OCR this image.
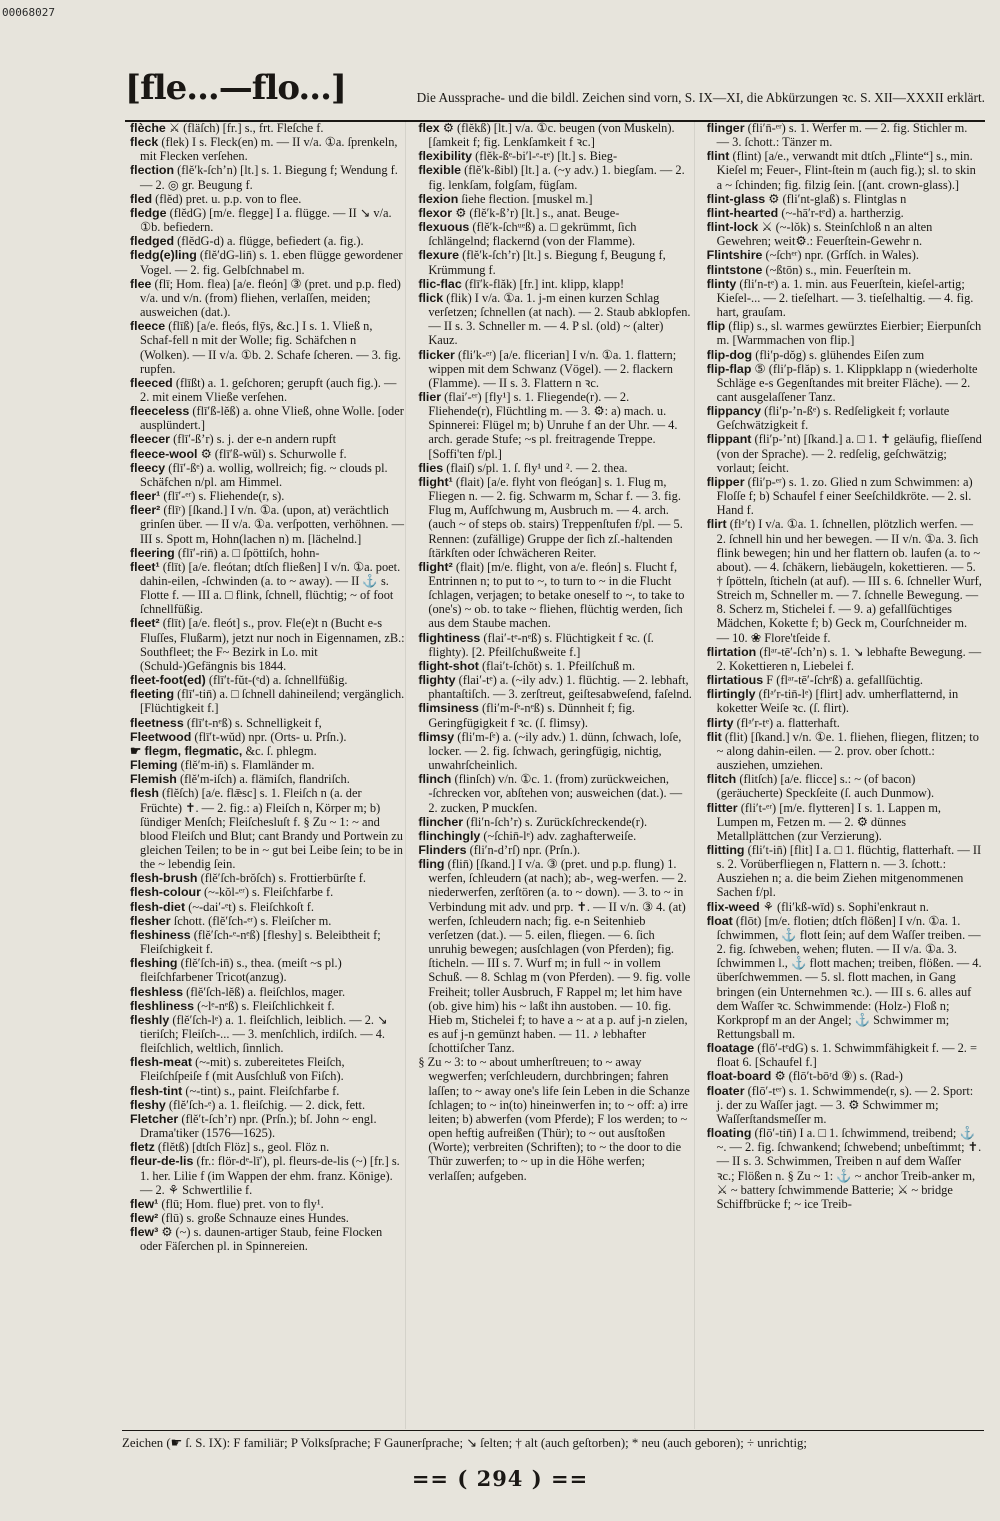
00068027
[fle...—flo...]	Die Aussprache- und die bildl. Zeichen sind vorn, S. IX—XI, die Abkürzungen ꝛc. S. XII—XXXII erklärt.

flèche ⚔ (fläſch) [fr.] s., frt. Fleſche f.

fleck (flek) I s. Fleck(en) m. — II v/a. ①a. ſprenkeln, mit Flecken verſehen.

flection (flĕ′k-ſchʼn) [lt.] s. 1. Biegung f; Wendung f. — 2. ◎ gr. Beugung f.

fled (flĕd) pret. u. p.p. von to flee.

fledge (flĕdG) [m/e. flegge] I a. flügge. — II ↘ v/a. ①b. befiedern.

fledged (flĕdG-d) a. flügge, befiedert (a. fig.).

fledg(e)ling (flĕ′dG-lin̄) s. 1. eben flügge gewordener Vogel. — 2. fig. Gelbſchnabel m.

flee (flī; Hom. flea) [a/e. fleón] ③ (pret. und p.p. fled) v/a. und v/n. (from) fliehen, verlaſſen, meiden; ausweichen (dat.).

fleece (flīß) [a/e. fleós, flȳs, &c.] I s. 1. Vließ n, Schaf-fell n mit der Wolle; fig. Schäfchen n (Wolken). — II v/a. ①b. 2. Schafe ſcheren. — 3. fig. rupfen.

fleeced (flīßt) a. 1. geſchoren; gerupft (auch fig.). — 2. mit einem Vließe verſehen.

fleeceless (flī′ß-lĕß) a. ohne Vließ, ohne Wolle. [oder ausplündert.]

fleecer (flī′-ßʼr) s. j. der e-n andern rupft

fleece-wool ⚙ (flī′ß-wŭl) s. Schurwolle f.

fleecy (flī′-ßᵉ) a. wollig, wollreich; fig. ~ clouds pl. Schäfchen n/pl. am Himmel.

fleer¹ (flī′-ᵉʳ) s. Fliehende(r, s).

fleer² (flīʳ) [ſkand.] I v/n. ①a. (upon, at) verächtlich grinſen über. — II v/a. ①a. verſpotten, verhöhnen. — III s. Spott m, Hohn(lachen n) m. [lächelnd.]

fleering (flī′-rin̄) a. □ ſpöttiſch, hohn-

fleet¹ (flīt) [a/e. fleótan; dtſch fließen] I v/n. ①a. poet. dahin-eilen, -ſchwinden (a. to ~ away). — II ⚓ s. Flotte f. — III a. □ flink, ſchnell, flüchtig; ~ of foot ſchnellfüßig.

fleet² (flīt) [a/e. fleót] s., prov. Fle(e)t n (Bucht e-s Fluſſes, Flußarm), jetzt nur noch in Eigennamen, zB.: Southfleet; the F~ Bezirk in Lo. mit (Schuld-)Gefängnis bis 1844.

fleet-foot(ed) (flī′t-fŭt-(ᵉd) a. ſchnellfüßig.

fleeting (flī′-tin̄) a. □ ſchnell dahineilend; vergänglich. [Flüchtigkeit f.]

fleetness (flī′t-nᵉß) s. Schnelligkeit f,

Fleetwood (flī′t-wŭd) npr. (Orts- u. Prſn.).

☛ flegm, flegmatic, &c. ſ. phlegm.

Fleming (flĕ′m-in̄) s. Flamländer m.

Flemish (flĕ′m-iſch) a. flämiſch, flandriſch.

flesh (flĕſch) [a/e. flǣsc] s. 1. Fleiſch n (a. der Früchte) ✝. — 2. fig.: a) Fleiſch n, Körper m; b) ſündiger Menſch; Fleiſchesluſt f. § Zu ~ 1: ~ and blood Fleiſch und Blut; cant Brandy und Portwein zu gleichen Teilen; to be in ~ gut bei Leibe ſein; to be in the ~ lebendig ſein.

flesh-brush (flĕ′ſch-brŏſch) s. Frottierbürſte f.

flesh-colour (~-kŏl-ᵉʳ) s. Fleiſchfarbe f.

flesh-diet (~-dai′-ᵉt) s. Fleiſchkoſt f.

flesher ſchott. (flĕ′ſch-ᵉʳ) s. Fleiſcher m.

fleshiness (flĕ′ſch-ᵉ-nᵉß) [fleshy] s. Beleibtheit f; Fleiſchigkeit f.

fleshing (flĕ′ſch-in̄) s., thea. (meiſt ~s pl.) fleiſchfarbener Tricot(anzug).

fleshless (flĕ′ſch-lĕß) a. fleiſchlos, mager.

fleshliness (~lᵉ-nᵉß) s. Fleiſchlichkeit f.

fleshly (flĕ′ſch-lᵉ) a. 1. fleiſchlich, leiblich. — 2. ↘ tieriſch; Fleiſch-... — 3. menſchlich, irdiſch. — 4. fleiſchlich, weltlich, ſinnlich.

flesh-meat (~-mit) s. zubereitetes Fleiſch, Fleiſchſpeiſe f (mit Ausſchluß von Fiſch).

flesh-tint (~-tint) s., paint. Fleiſchfarbe f.

fleshy (flĕ′ſch-ᵉ) a. 1. fleiſchig. — 2. dick, fett.

Fletcher (flĕ′t-ſchʼr) npr. (Prſn.); bſ. John ~ engl. Drama'tiker (1576—1625).

fletz (flĕtß) [dtſch Flöz] s., geol. Flöz n.

fleur-de-lis (fr.: flör-dᵉ-lī′), pl. fleurs-de-lis (~) [fr.] s. 1. her. Lilie f (im Wappen der ehm. franz. Könige). — 2. ⚘ Schwertlilie f.

flew¹ (flū; Hom. flue) pret. von to fly¹.

flew² (flū) s. große Schnauze eines Hundes.

flew³ ⚙ (~) s. daunen-artiger Staub, feine Flocken oder Fäſerchen pl. in Spinnereien.

flex ⚙ (flĕkß) [lt.] v/a. ①c. beugen (von Muskeln). [ſamkeit f; fig. Lenkſamkeit f ꝛc.]

flexibility (flĕk-ßᵉ-bi′l-ᵉ-tᵉ) [lt.] s. Bieg-

flexible (flĕ′k-ßibl) [lt.] a. (~y adv.) 1. biegſam. — 2. fig. lenkſam, folgſam, fügſam.

flexion ſiehe flection. [muskel m.]

flexor ⚙ (flĕ′k-ßʼr) [lt.] s., anat. Beuge-

flexuous (flĕ′k-ſchᵘᵉß) a. □ gekrümmt, ſich ſchlängelnd; flackernd (von der Flamme).

flexure (flĕ′k-ſchʼr) [lt.] s. Biegung f, Beugung f, Krümmung f.

flic-flac (flī′k-flăk) [fr.] int. klipp, klapp!

flick (flik) I v/a. ①a. 1. j-m einen kurzen Schlag verſetzen; ſchnellen (at nach). — 2. Staub abklopfen. — II s. 3. Schneller m. — 4. P sl. (old) ~ (alter) Kauz.

flicker (fli′k-ᵉʳ) [a/e. flicerian] I v/n. ①a. 1. flattern; wippen mit dem Schwanz (Vögel). — 2. flackern (Flamme). — II s. 3. Flattern n ꝛc.

flier (flai′-ᵉʳ) [fly¹] s. 1. Fliegende(r). — 2. Fliehende(r), Flüchtling m. — 3. ⚙: a) mach. u. Spinnerei: Flügel m; b) Unruhe f an der Uhr. — 4. arch. gerade Stufe; ~s pl. freitragende Treppe. [Soffi'ten f/pl.]

flies (flaiſ) s/pl. 1. ſ. fly¹ und ². — 2. thea.

flight¹ (flait) [a/e. flyht von fleógan] s. 1. Flug m, Fliegen n. — 2. fig. Schwarm m, Schar f. — 3. fig. Flug m, Aufſchwung m, Ausbruch m. — 4. arch. (auch ~ of steps ob. stairs) Treppenſtufen f/pl. — 5. Rennen: (zufällige) Gruppe der ſich zſ.-haltenden ſtärkſten oder ſchwächeren Reiter.

flight² (flait) [m/e. flight, von a/e. fleón] s. Flucht f, Entrinnen n; to put to ~, to turn to ~ in die Flucht ſchlagen, verjagen; to betake oneself to ~, to take to (one's) ~ ob. to take ~ fliehen, flüchtig werden, ſich aus dem Staube machen.

flightiness (flai′-tᵉ-nᵉß) s. Flüchtigkeit f ꝛc. (ſ. flighty). [2. Pfeilſchußweite f.]

flight-shot (flai′t-ſchŏt) s. 1. Pfeilſchuß m.

flighty (flai′-tᵉ) a. (~ily adv.) 1. flüchtig. — 2. lebhaft, phantaſtiſch. — 3. zerſtreut, geiſtesabweſend, faſelnd.

flimsiness (fli′m-ſᵉ-nᵉß) s. Dünnheit f; fig. Geringfügigkeit f ꝛc. (ſ. flimsy).

flimsy (fli′m-ſᵉ) a. (~ily adv.) 1. dünn, ſchwach, loſe, locker. — 2. fig. ſchwach, geringfügig, nichtig, unwahrſcheinlich.

flinch (flinſch) v/n. ①c. 1. (from) zurückweichen, -ſchrecken vor, abſtehen von; ausweichen (dat.). — 2. zucken, P muckſen.

flincher (fli′n-ſchʼr) s. Zurückſchreckende(r).

flinchingly (~ſchin̄-lᵉ) adv. zaghafterweiſe.

Flinders (fli′n-dʼrſ) npr. (Prſn.).

fling (flin̄) [ſkand.] I v/a. ③ (pret. und p.p. flung) 1. werfen, ſchleudern (at nach); ab-, weg-werfen. — 2. niederwerfen, zerſtören (a. to ~ down). — 3. to ~ in Verbindung mit adv. und prp. ✝. — II v/n. ③ 4. (at) werfen, ſchleudern nach; fig. e-n Seitenhieb verſetzen (dat.). — 5. eilen, fliegen. — 6. ſich unruhig bewegen; ausſchlagen (von Pferden); fig. ſticheln. — III s. 7. Wurf m; in full ~ in vollem Schuß. — 8. Schlag m (von Pferden). — 9. fig. volle Freiheit; toller Ausbruch, F Rappel m; let him have (ob. give him) his ~ laßt ihn austoben. — 10. fig. Hieb m, Stichelei f; to have a ~ at a p. auf j-n zielen, es auf j-n gemünzt haben. — 11. ♪ lebhafter ſchottiſcher Tanz.

§ Zu ~ 3: to ~ about umherſtreuen; to ~ away wegwerfen; verſchleudern, durchbringen; fahren laſſen; to ~ away one's life ſein Leben in die Schanze ſchlagen; to ~ in(to) hineinwerfen in; to ~ off: a) irre leiten; b) abwerfen (vom Pferde); F los werden; to ~ open heftig aufreißen (Thür); to ~ out ausſtoßen (Worte); verbreiten (Schriften); to ~ the door to die Thür zuwerfen; to ~ up in die Höhe werfen; verlaſſen; aufgeben.

flinger (fli′n̄-ᵉʳ) s. 1. Werfer m. — 2. fig. Stichler m. — 3. ſchott.: Tänzer m.

flint (flint) [a/e., verwandt mit dtſch „Flinte“] s., min. Kieſel m; Feuer-, Flint-ſtein m (auch fig.); sl. to skin a ~ ſchinden; fig. filzig ſein. [(ant. crown-glass).]

flint-glass ⚙ (fli′nt-glaß) s. Flintglas n

flint-hearted (~-hā′r-tᵉd) a. hartherzig.

flint-lock ⚔ (~-lŏk) s. Steinſchloß n an alten Gewehren; weit⚙.: Feuerſtein-Gewehr n.

Flintshire (~ſchᵉʳ) npr. (Grfſch. in Wales).

flintstone (~ßtōn) s., min. Feuerſtein m.

flinty (fli′n-tᵉ) a. 1. min. aus Feuerſtein, kieſel-artig; Kieſel-... — 2. tieſelhart. — 3. tieſelhaltig. — 4. fig. hart, grauſam.

flip (flip) s., sl. warmes gewürztes Eierbier; Eierpunſch m. [Warmmachen von flip.]

flip-dog (fli′p-dŏg) s. glühendes Eiſen zum

flip-flap ⑤ (fli′p-flăp) s. 1. Klippklapp n (wiederholte Schläge e-s Gegenſtandes mit breiter Fläche). — 2. cant ausgelaſſener Tanz.

flippancy (fli′p-ʼn-ßᵉ) s. Redſeligkeit f; vorlaute Geſchwätzigkeit f.

flippant (fli′p-ʼnt) [ſkand.] a. □ 1. ✝ geläufig, flieſſend (von der Sprache). — 2. redſelig, geſchwätzig; vorlaut; ſeicht.

flipper (fli′p-ᵉʳ) s. 1. zo. Glied n zum Schwimmen: a) Floſſe f; b) Schaufel f einer Seeſchildkröte. — 2. sl. Hand f.

flirt (flᵃ′t) I v/a. ①a. 1. ſchnellen, plötzlich werfen. — 2. ſchnell hin und her bewegen. — II v/n. ①a. 3. ſich flink bewegen; hin und her flattern ob. laufen (a. to ~ about). — 4. ſchäkern, liebäugeln, kokettieren. — 5. † ſpötteln, ſticheln (at auf). — III s. 6. ſchneller Wurf, Streich m, Schneller m. — 7. ſchnelle Bewegung. — 8. Scherz m, Stichelei f. — 9. a) gefallſüchtiges Mädchen, Kokette f; b) Geck m, Courſchneider m. — 10. ❀ Flore'tſeide f.

flirtation (flᵃʳ-tē′-ſchʼn) s. 1. ↘ lebhafte Bewegung. — 2. Kokettieren n, Liebelei f.

flirtatious F (flᵃʳ-tē′-ſchᵉß) a. gefallſüchtig.

flirtingly (flᵃ′r-tin̄-lᵉ) [flirt] adv. umherflatternd, in koketter Weiſe ꝛc. (ſ. flirt).

flirty (flᵃ′r-tᵉ) a. flatterhaft.

flit (flit) [ſkand.] v/n. ①e. 1. fliehen, fliegen, flitzen; to ~ along dahin-eilen. — 2. prov. ober ſchott.: ausziehen, umziehen.

flitch (flitſch) [a/e. flicce] s.: ~ (of bacon) (geräucherte) Speckſeite (ſ. auch Dunmow).

flitter (fli′t-ᵉʳ) [m/e. flytteren] I s. 1. Lappen m, Lumpen m, Fetzen m. — 2. ⚙ dünnes Metallplättchen (zur Verzierung).

flitting (fli′t-in̄) [flit] I a. □ 1. flüchtig, flatterhaft. — II s. 2. Vorüberfliegen n, Flattern n. — 3. ſchott.: Ausziehen n; a. die beim Ziehen mitgenommenen Sachen f/pl.

flix-weed ⚘ (fli′kß-wīd) s. Sophi'enkraut n.

float (flōt) [m/e. flotien; dtſch flößen] I v/n. ①a. 1. ſchwimmen, ⚓ flott ſein; auf dem Waſſer treiben. — 2. fig. ſchweben, wehen; fluten. — II v/a. ①a. 3. ſchwimmen l., ⚓ flott machen; treiben, flößen. — 4. überſchwemmen. — 5. sl. flott machen, in Gang bringen (ein Unternehmen ꝛc.). — III s. 6. alles auf dem Waſſer ꝛc. Schwimmende: (Holz-) Floß n; Korkpropf m an der Angel; ⚓ Schwimmer m; Rettungsball m.

floatage (flō′-tᵉdG) s. 1. Schwimmfähigkeit f. — 2. = float 6. [Schaufel f.]

float-board ⚙ (flō′t-bōʳd ⑨) s. (Rad-)

floater (flō′-tᵉʳ) s. 1. Schwimmende(r, s). — 2. Sport: j. der zu Waſſer jagt. — 3. ⚙ Schwimmer m; Waſſerſtandsmeſſer m.

floating (flō′-tin̄) I a. □ 1. ſchwimmend, treibend; ⚓ ~. — 2. fig. ſchwankend; ſchwebend; unbeſtimmt; ✝. — II s. 3. Schwimmen, Treiben n auf dem Waſſer ꝛc.; Flößen n. § Zu ~ 1: ⚓ ~ anchor Treib-anker m, ⚔ ~ battery ſchwimmende Batterie; ⚔ ~ bridge Schiffbrücke f; ~ ice Treib-

Zeichen (☛ ſ. S. IX): F familiär; P Volksſprache; F Gaunerſprache; ↘ ſelten; † alt (auch geſtorben); * neu (auch geboren); ÷ unrichtig;
== ( 294 ) ==
